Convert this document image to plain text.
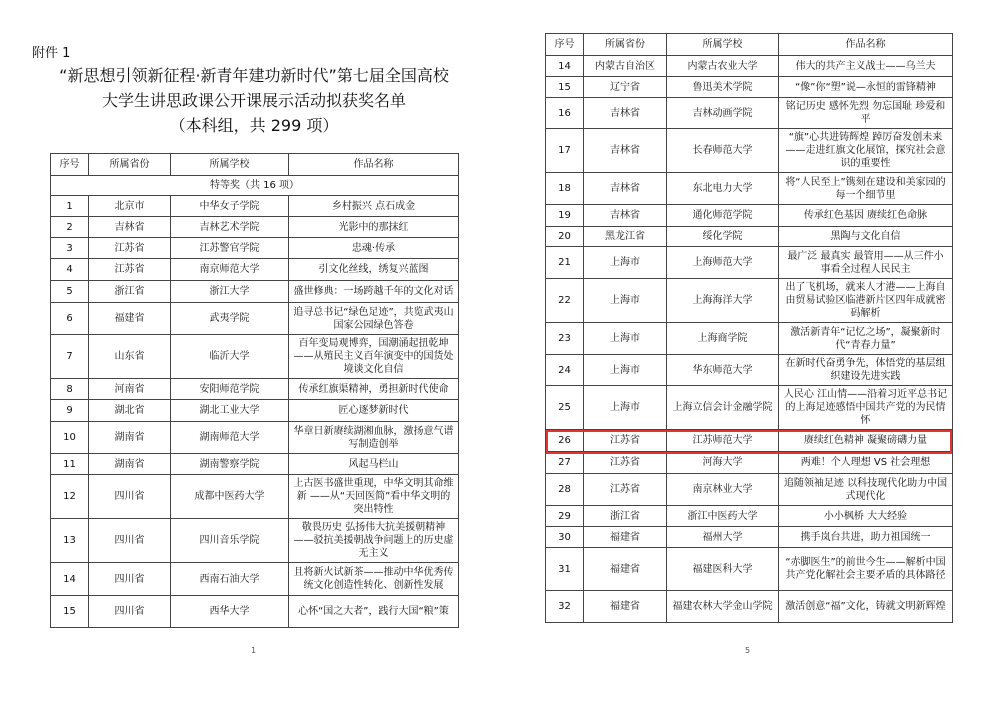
附件 1
“新思想引领新征程·新青年建功新时代”第七届全国高校
大学生讲思政课公开课展示活动拟获奖名单
（本科组，共 299 项）
序号	所属省份	所属学校	作品名称
特等奖（共 16 项）			
1	北京市	中华女子学院	乡村振兴 点石成金
2	吉林省	吉林艺术学院	光影中的那抹红
3	江苏省	江苏警官学院	忠魂·传承
4	江苏省	南京师范大学	引文化丝线，绣复兴蓝图
5	浙江省	浙江大学	盛世修典：一场跨越千年的文化对话
6	福建省	武夷学院	追寻总书记“绿色足迹”，共览武夷山国家公园绿色答卷
7	山东省	临沂大学	百年变局观博弈，国潮涌起扭乾坤——从殖民主义百年演变中的国货处境谈文化自信
8	河南省	安阳师范学院	传承红旗渠精神，勇担新时代使命
9	湖北省	湖北工业大学	匠心逐梦新时代
10	湖南省	湖南师范大学	华章日新赓续湖湘血脉，激扬意气谱写制造创举
11	湖南省	湖南警察学院	风起马栏山
12	四川省	成都中医药大学	上古医书盛世重现，中华文明其命维新 ——从“天回医简”看中华文明的突出特性
13	四川省	四川音乐学院	敬畏历史 弘扬伟大抗美援朝精神 ——驳抗美援朝战争问题上的历史虚无主义
14	四川省	西南石油大学	且将新火试新茶——推动中华优秀传统文化创造性转化、创新性发展
15	四川省	西华大学	心怀“国之大者”，践行大国“粮”策
1
序号	所属省份	所属学校	作品名称
14	内蒙古自治区	内蒙古农业大学	伟大的共产主义战士——乌兰夫
15	辽宁省	鲁迅美术学院	“像”你“塑”说—永恒的雷锋精神
16	吉林省	吉林动画学院	铭记历史 感怀先烈 勿忘国耻 珍爱和平
17	吉林省	长春师范大学	“旗”心共进铸辉煌 踔厉奋发创未来——走进红旗文化展馆，探究社会意识的重要性
18	吉林省	东北电力大学	将“人民至上”镌刻在建设和美家园的每一个细节里
19	吉林省	通化师范学院	传承红色基因 赓续红色命脉
20	黑龙江省	绥化学院	黑陶与文化自信
21	上海市	上海师范大学	最广泛 最真实 最管用——从三件小事看全过程人民民主
22	上海市	上海海洋大学	出了飞机场，就来人才港——上海自由贸易试验区临港新片区四年成就密码解析
23	上海市	上海商学院	激活新青年“记忆之场”，凝聚新时代“青春力量”
24	上海市	华东师范大学	在新时代奋勇争先，体悟党的基层组织建设先进实践
25	上海市	上海立信会计金融学院	人民心 江山情——沿着习近平总书记的上海足迹感悟中国共产党的为民情怀
26	江苏省	江苏师范大学	赓续红色精神 凝聚磅礴力量
27	江苏省	河海大学	两难！个人理想 VS 社会理想
28	江苏省	南京林业大学	追随领袖足迹 以科技现代化助力中国式现代化
29	浙江省	浙江中医药大学	小小枫桥 大大经验
30	福建省	福州大学	携手岚台共进，助力祖国统一
31	福建省	福建医科大学	“赤脚医生”的前世今生——解析中国共产党化解社会主要矛盾的具体路径
32	福建省	福建农林大学金山学院	激活创意“福”文化，铸就文明新辉煌
5
